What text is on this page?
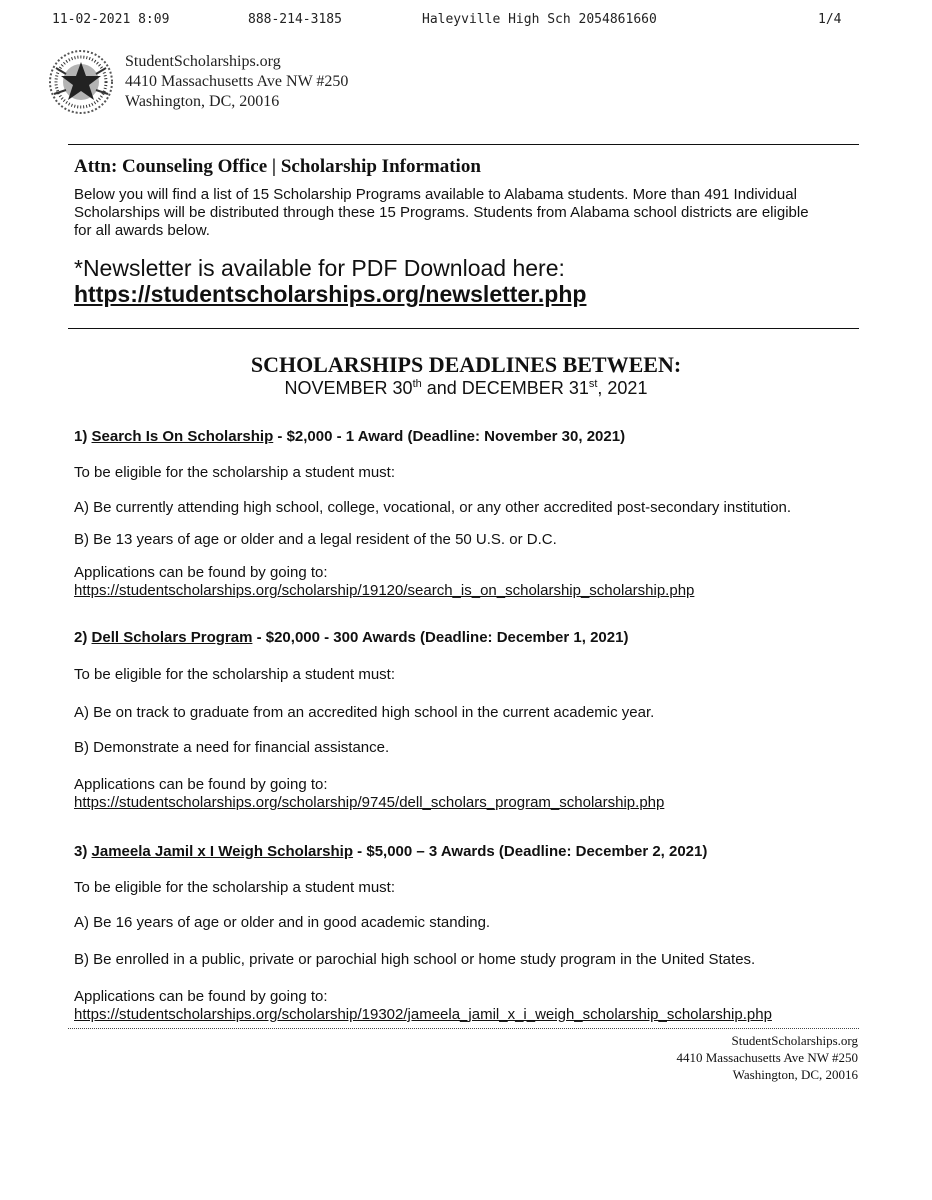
11-02-2021 8:09	888-214-3185	Haleyville High Sch 2054861660	1/4
StudentScholarships.org
4410 Massachusetts Ave NW #250
Washington, DC, 20016
Attn: Counseling Office | Scholarship Information

Below you will find a list of 15 Scholarship Programs available to Alabama students. More than 491 Individual
Scholarships will be distributed through these 15 Programs. Students from Alabama school districts are eligible
for all awards below.

*Newsletter is available for PDF Download here:
https://studentscholarships.org/newsletter.php
SCHOLARSHIPS DEADLINES BETWEEN:
NOVEMBER 30th and DECEMBER 31st, 2021
1) Search Is On Scholarship - $2,000 - 1 Award (Deadline: November 30, 2021)
To be eligible for the scholarship a student must:
A) Be currently attending high school, college, vocational, or any other accredited post-secondary institution.
B) Be 13 years of age or older and a legal resident of the 50 U.S. or D.C.
Applications can be found by going to:
https://studentscholarships.org/scholarship/19120/search_is_on_scholarship_scholarship.php
2) Dell Scholars Program - $20,000 - 300 Awards (Deadline: December 1, 2021)
To be eligible for the scholarship a student must:
A) Be on track to graduate from an accredited high school in the current academic year.
B) Demonstrate a need for financial assistance.
Applications can be found by going to:
https://studentscholarships.org/scholarship/9745/dell_scholars_program_scholarship.php
3) Jameela Jamil x I Weigh Scholarship - $5,000 – 3 Awards (Deadline: December 2, 2021)
To be eligible for the scholarship a student must:
A) Be 16 years of age or older and in good academic standing.
B) Be enrolled in a public, private or parochial high school or home study program in the United States.
Applications can be found by going to:
https://studentscholarships.org/scholarship/19302/jameela_jamil_x_i_weigh_scholarship_scholarship.php
StudentScholarships.org
4410 Massachusetts Ave NW #250
Washington, DC, 20016
